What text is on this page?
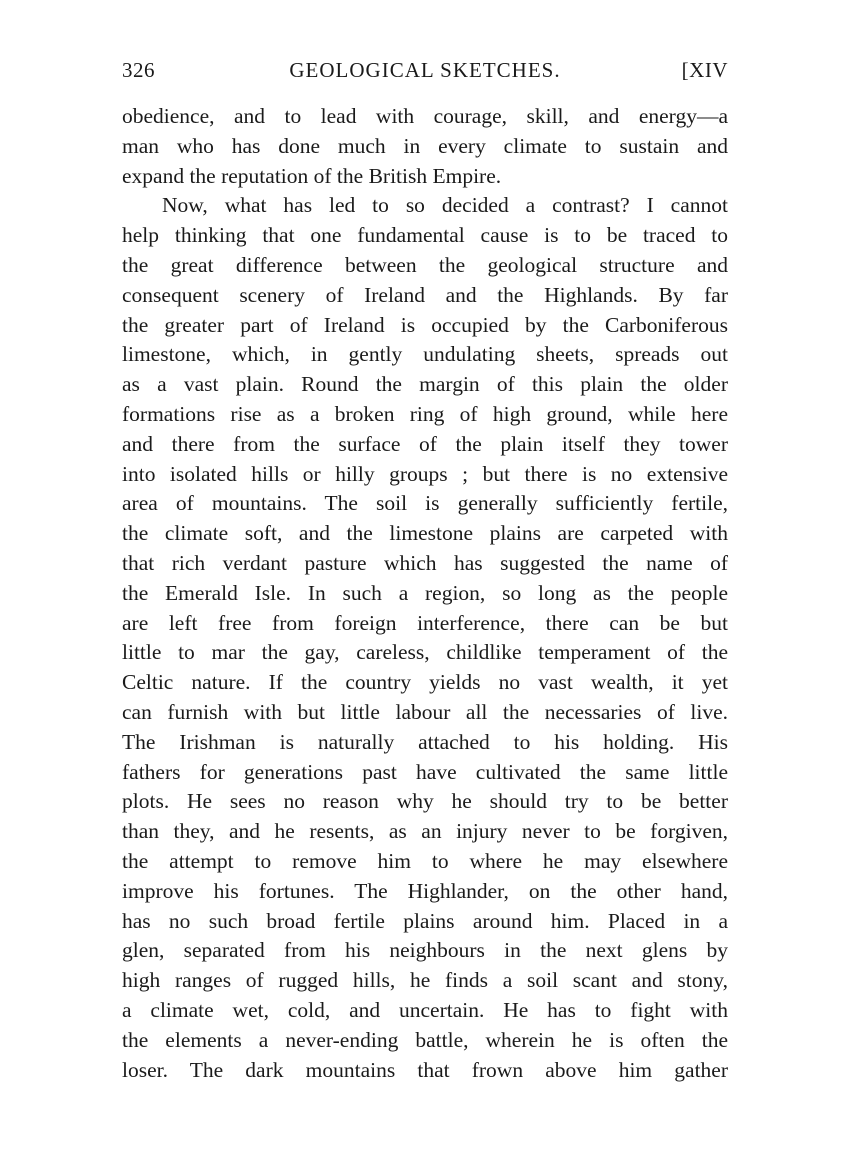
326	GEOLOGICAL SKETCHES.	[XIV
obedience, and to lead with courage, skill, and energy—a
man who has done much in every climate to sustain and
expand the reputation of the British Empire.
Now, what has led to so decided a contrast? I cannot
help thinking that one fundamental cause is to be traced to
the great difference between the geological structure and
consequent scenery of Ireland and the Highlands. By far
the greater part of Ireland is occupied by the Carboniferous
limestone, which, in gently undulating sheets, spreads out
as a vast plain. Round the margin of this plain the older
formations rise as a broken ring of high ground, while here
and there from the surface of the plain itself they tower
into isolated hills or hilly groups ; but there is no extensive
area of mountains. The soil is generally sufficiently fertile,
the climate soft, and the limestone plains are carpeted with
that rich verdant pasture which has suggested the name of
the Emerald Isle. In such a region, so long as the people
are left free from foreign interference, there can be but
little to mar the gay, careless, childlike temperament of the
Celtic nature. If the country yields no vast wealth, it yet
can furnish with but little labour all the necessaries of live.
The Irishman is naturally attached to his holding. His
fathers for generations past have cultivated the same little
plots. He sees no reason why he should try to be better
than they, and he resents, as an injury never to be forgiven,
the attempt to remove him to where he may elsewhere
improve his fortunes. The Highlander, on the other hand,
has no such broad fertile plains around him. Placed in a
glen, separated from his neighbours in the next glens by
high ranges of rugged hills, he finds a soil scant and stony,
a climate wet, cold, and uncertain. He has to fight with
the elements a never-ending battle, wherein he is often the
loser. The dark mountains that frown above him gather
